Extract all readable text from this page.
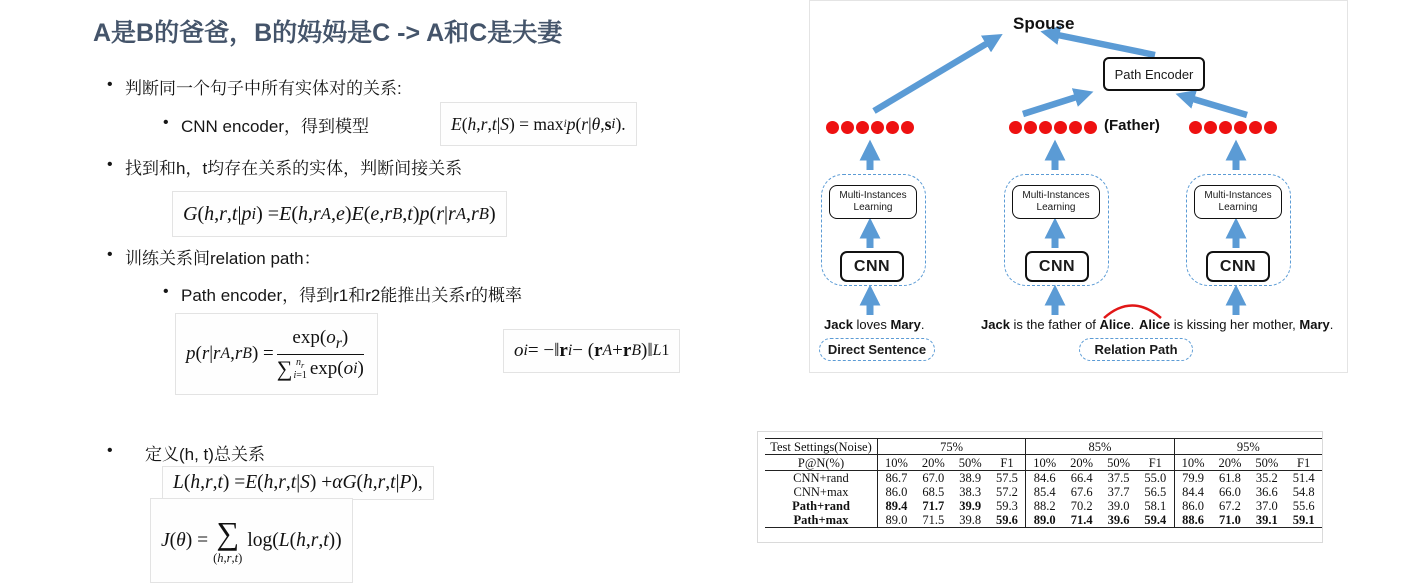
A是B的爸爸，B的妈妈是C -> A和C是夫妻
• 判断同一个句子中所有实体对的关系:
• CNN encoder，得到模型	E ( h , r , t | S ) = max i p ( r | θ , s i ).
• 找到和h，t均存在关系的实体，判断间接关系
G ( h , r , t | p i ) = E ( h , r A , e ) E ( e , r B , t ) p ( r | r A , r B )
• 训练关系间relation path：
• Path encoder，得到r1和r2能推出关系r的概率
p ( r | r A , r B ) = $\exp(o_r)$
∑ $n_r$
i=1 exp( o i )	o i = −‖ r i − ( r A + r B )‖ L1
•	定义(h, t)总关系
L ( h , r , t ) = E ( h , r , t | S ) + αG ( h , r , t | P ),
J ( θ ) = ∑
(h,r,t)
log( L ( h , r , t ))
Spouse
Path Encoder
(Father)
Multi-Instances
Learning
Multi-Instances
Learning
Multi-Instances
Learning
CNN	CNN	CNN
Jack loves Mary.	Jack is the father of Alice. Alice is kissing her mother, Mary.
Direct Sentence	Relation Path
Test Settings(Noise)	75%				85%				95%			
P@N(%)	10%	20%	50%	F1	10%	20%	50%	F1	10%	20%	50%	F1
CNN+rand	86.7	67.0	38.9	57.5	84.6	66.4	37.5	55.0	79.9	61.8	35.2	51.4
CNN+max	86.0	68.5	38.3	57.2	85.4	67.6	37.7	56.5	84.4	66.0	36.6	54.8
Path+rand	89.4	71.7	39.9	59.3	88.2	70.2	39.0	58.1	86.0	67.2	37.0	55.6
Path+max	89.0	71.5	39.8	59.6	89.0	71.4	39.6	59.4	88.6	71.0	39.1	59.1
